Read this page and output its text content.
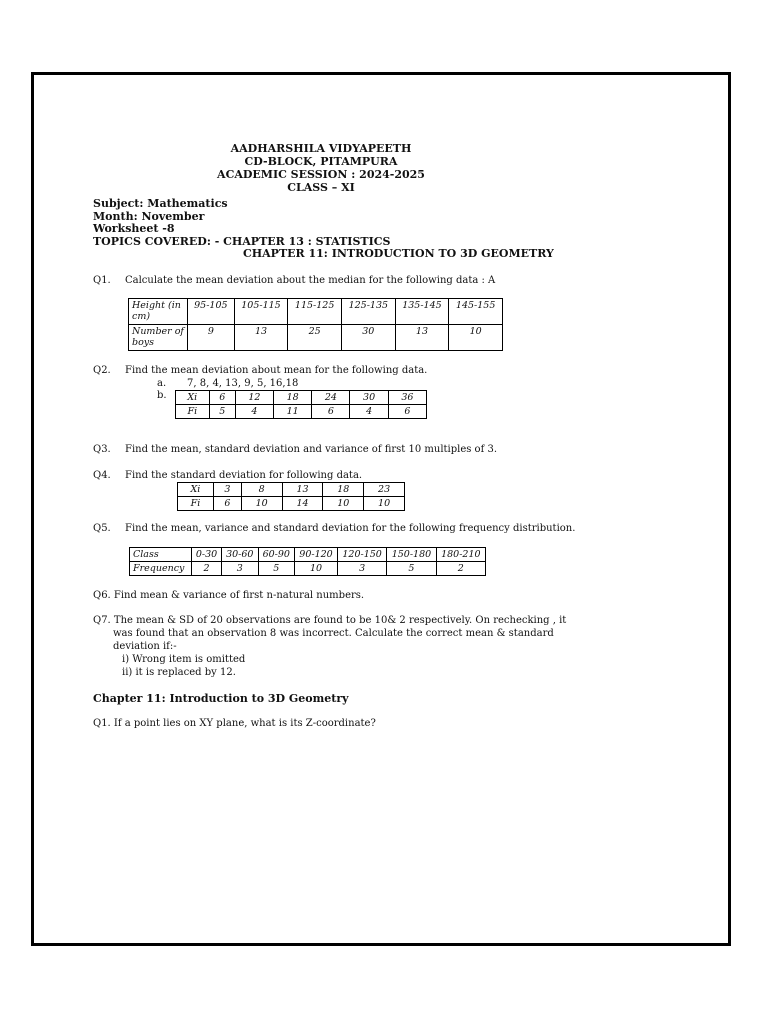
AADHARSHILA VIDYAPEETH
CD-BLOCK, PITAMPURA
ACADEMIC SESSION : 2024-2025
CLASS – XI
Subject: Mathematics
Month: November
Worksheet -8
TOPICS COVERED: - CHAPTER 13 : STATISTICS
CHAPTER 11: INTRODUCTION TO 3D GEOMETRY
Q1. Calculate the mean deviation about the median for the following data : A
Height (in cm)	95-105	105-115	115-125	125-135	135-145	145-155
Number of boys	9	13	25	30	13	10
Q2. Find the mean deviation about mean for the following data.
a. 7, 8, 4, 13, 9, 5, 16,18
b. Xi	6	12	18	24	30	36
Fi	5	4	11	6	4	6
Q3. Find the mean, standard deviation and variance of first 10 multiples of 3.
Q4. Find the standard deviation for following data.
Xi	3	8	13	18	23
Fi	6	10	14	10	10
Q5. Find the mean, variance and standard deviation for the following frequency distribution.
Class	0-30	30-60	60-90	90-120	120-150	150-180	180-210
Frequency	2	3	5	10	3	5	2
Q6. Find mean & variance of first n-natural numbers.
Q7. The mean & SD of 20 observations are found to be 10& 2 respectively. On rechecking , it
was found that an observation 8 was incorrect. Calculate the correct mean & standard
deviation if:-
i) Wrong item is omitted
ii) it is replaced by 12.
Chapter 11: Introduction to 3D Geometry
Q1. If a point lies on XY plane, what is its Z-coordinate?
